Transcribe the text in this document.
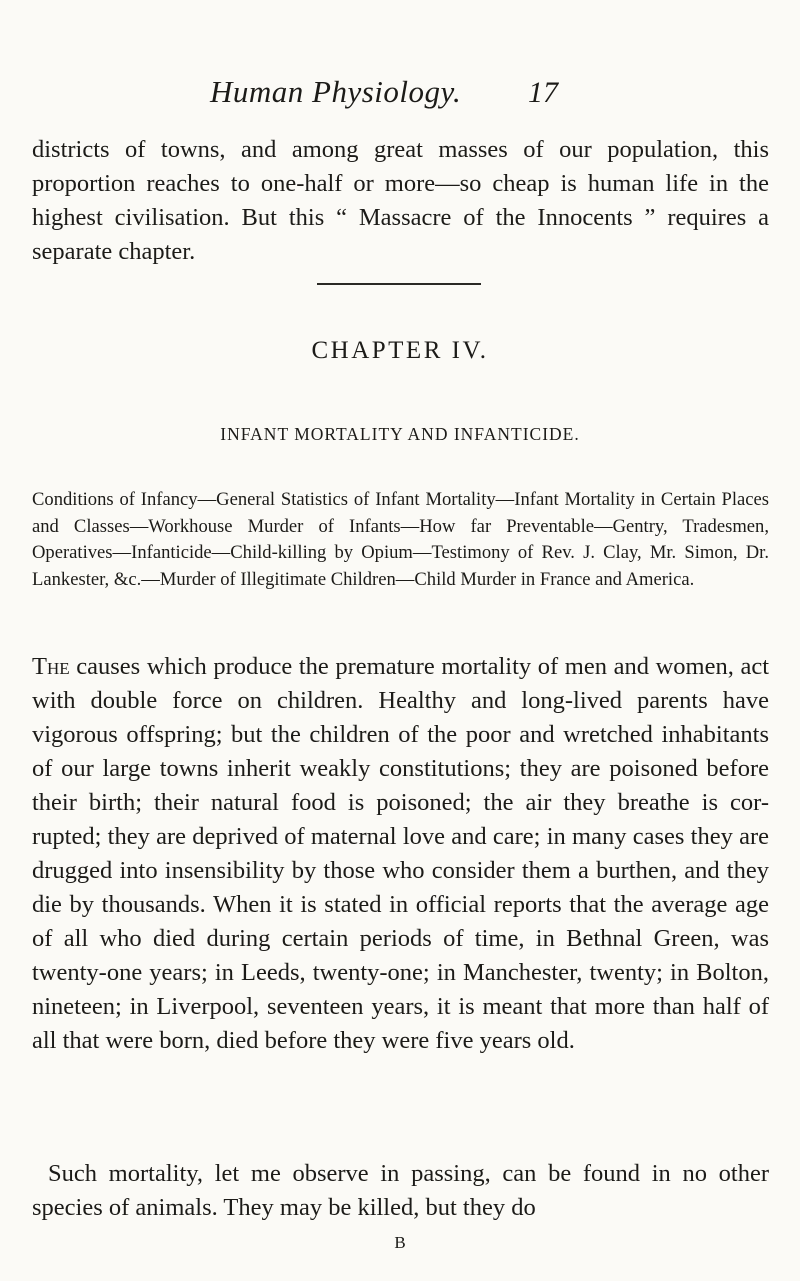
Human Physiology. 17

districts of towns, and among great masses of our population, this proportion reaches to one-half or more—so cheap is human life in the highest civilisation. But this “ Massacre of the Innocents ” requires a separate chapter.

CHAPTER IV.
INFANT MORTALITY AND INFANTICIDE.

Conditions of Infancy—General Statistics of Infant Mortality—Infant Mortality in Certain Places and Classes—Workhouse Murder of Infants—How far Preventable—Gentry, Tradesmen, Operatives—Infanticide—Child-killing by Opium—Testimony of Rev. J. Clay, Mr. Simon, Dr. Lankester, &c.—Murder of Illegitimate Children—Child Murder in France and America.

The causes which produce the premature mortality of men and women, act with double force on children. Healthy and long-lived parents have vigorous offspring; but the children of the poor and wretched inhabitants of our large towns inherit weakly constitutions; they are poisoned before their birth; their natural food is poisoned; the air they breathe is cor- rupted; they are deprived of maternal love and care; in many cases they are drugged into insensibility by those who consider them a burthen, and they die by thousands. When it is stated in official reports that the average age of all who died during certain periods of time, in Bethnal Green, was twenty-one years; in Leeds, twenty-one; in Manchester, twenty; in Bolton, nineteen; in Liverpool, seventeen years, it is meant that more than half of all that were born, died before they were five years old.

Such mortality, let me observe in passing, can be found in no other species of animals. They may be killed, but they do

B
